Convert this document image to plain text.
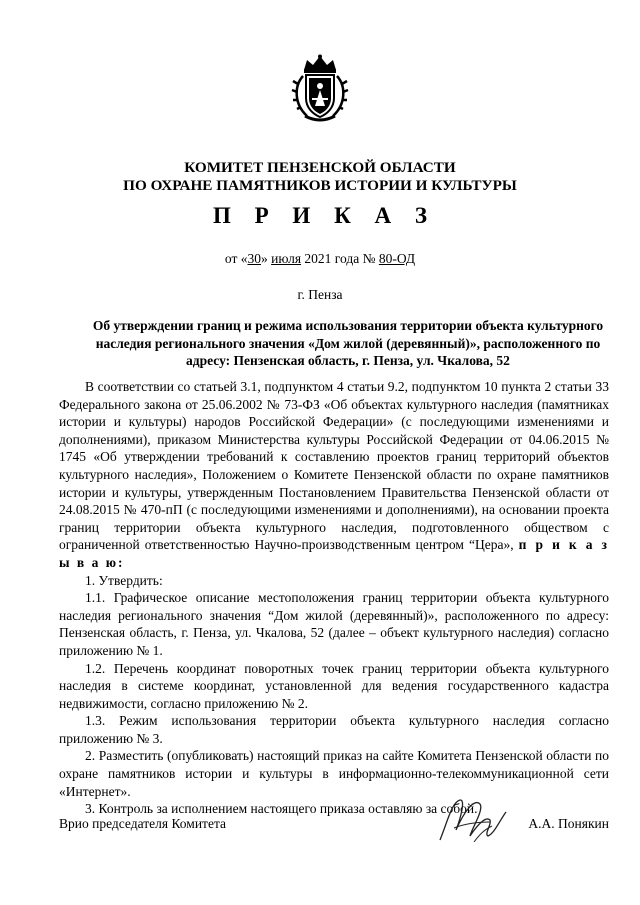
КОМИТЕТ ПЕНЗЕНСКОЙ ОБЛАСТИ
ПО ОХРАНЕ ПАМЯТНИКОВ ИСТОРИИ И КУЛЬТУРЫ
П Р И К А З
от «30» июля 2021 года № 80-ОД
г. Пенза
Об утверждении границ и режима использования территории объекта культурного
наследия регионального значения «Дом жилой (деревянный)», расположенного по
адресу: Пензенская область, г. Пенза, ул. Чкалова, 52

В соответствии со статьей 3.1, подпунктом 4 статьи 9.2, подпунктом 10 пункта 2 статьи 33 Федерального закона от 25.06.2002 № 73-ФЗ «Об объектах культурного наследия (памятниках истории и культуры) народов Российской Федерации» (с последующими изменениями и дополнениями), приказом Министерства культуры Российской Федерации от 04.06.2015 № 1745 «Об утверждении требований к составлению проектов границ территорий объектов культурного наследия», Положением о Комитете Пензенской области по охране памятников истории и культуры, утвержденным Постановлением Правительства Пензенской области от 24.08.2015 № 470-пП (с последующими изменениями и дополнениями), на основании проекта границ территории объекта культурного наследия, подготовленного обществом с ограниченной ответственностью Научно-производственным центром “Цера», п р и к а з ы в а ю:

1. Утвердить:

1.1. Графическое описание местоположения границ территории объекта культурного наследия регионального значения “Дом жилой (деревянный)», расположенного по адресу: Пензенская область, г. Пенза, ул. Чкалова, 52 (далее – объект культурного наследия) согласно приложению № 1.

1.2. Перечень координат поворотных точек границ территории объекта культурного наследия в системе координат, установленной для ведения государственного кадастра недвижимости, согласно приложению № 2.

1.3. Режим использования территории объекта культурного наследия согласно приложению № 3.

2. Разместить (опубликовать) настоящий приказ на сайте Комитета Пензенской области по охране памятников истории и культуры в информационно-телекоммуникационной сети «Интернет».

3. Контроль за исполнением настоящего приказа оставляю за собой.

Врио председателя Комитета	А.А. Понякин
